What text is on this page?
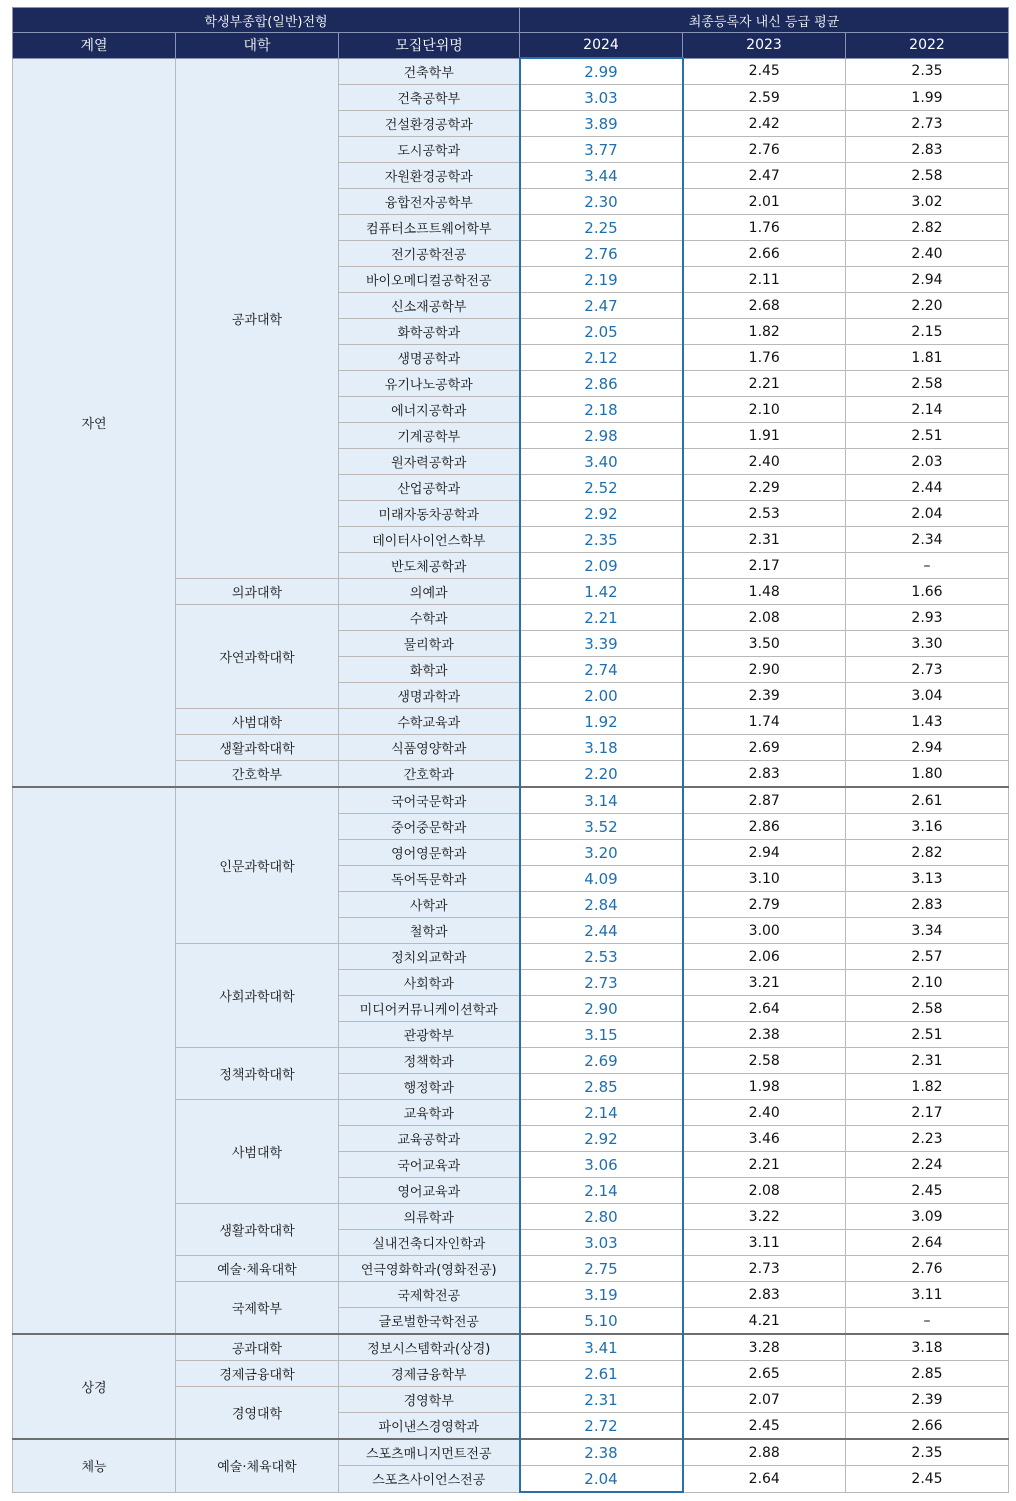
학생부종합(일반)전형			최종등록자 내신 등급 평균		
계열	대학	모집단위명	2024	2023	2022
자연	공과대학	건축학부	2.99	2.45	2.35
		건축공학부	3.03	2.59	1.99
		건설환경공학과	3.89	2.42	2.73
		도시공학과	3.77	2.76	2.83
		자원환경공학과	3.44	2.47	2.58
		융합전자공학부	2.30	2.01	3.02
		컴퓨터소프트웨어학부	2.25	1.76	2.82
		전기공학전공	2.76	2.66	2.40
		바이오메디컬공학전공	2.19	2.11	2.94
		신소재공학부	2.47	2.68	2.20
		화학공학과	2.05	1.82	2.15
		생명공학과	2.12	1.76	1.81
		유기나노공학과	2.86	2.21	2.58
		에너지공학과	2.18	2.10	2.14
		기계공학부	2.98	1.91	2.51
		원자력공학과	3.40	2.40	2.03
		산업공학과	2.52	2.29	2.44
		미래자동차공학과	2.92	2.53	2.04
		데이터사이언스학부	2.35	2.31	2.34
		반도체공학과	2.09	2.17	–
	의과대학	의예과	1.42	1.48	1.66
	자연과학대학	수학과	2.21	2.08	2.93
		물리학과	3.39	3.50	3.30
		화학과	2.74	2.90	2.73
		생명과학과	2.00	2.39	3.04
	사범대학	수학교육과	1.92	1.74	1.43
	생활과학대학	식품영양학과	3.18	2.69	2.94
	간호학부	간호학과	2.20	2.83	1.80
	인문과학대학	국어국문학과	3.14	2.87	2.61
		중어중문학과	3.52	2.86	3.16
		영어영문학과	3.20	2.94	2.82
		독어독문학과	4.09	3.10	3.13
		사학과	2.84	2.79	2.83
		철학과	2.44	3.00	3.34
	사회과학대학	정치외교학과	2.53	2.06	2.57
		사회학과	2.73	3.21	2.10
		미디어커뮤니케이션학과	2.90	2.64	2.58
		관광학부	3.15	2.38	2.51
	정책과학대학	정책학과	2.69	2.58	2.31
		행정학과	2.85	1.98	1.82
	사범대학	교육학과	2.14	2.40	2.17
		교육공학과	2.92	3.46	2.23
		국어교육과	3.06	2.21	2.24
		영어교육과	2.14	2.08	2.45
	생활과학대학	의류학과	2.80	3.22	3.09
		실내건축디자인학과	3.03	3.11	2.64
	예술·체육대학	연극영화학과(영화전공)	2.75	2.73	2.76
	국제학부	국제학전공	3.19	2.83	3.11
		글로벌한국학전공	5.10	4.21	–
상경	공과대학	정보시스템학과(상경)	3.41	3.28	3.18
	경제금융대학	경제금융학부	2.61	2.65	2.85
	경영대학	경영학부	2.31	2.07	2.39
		파이낸스경영학과	2.72	2.45	2.66
체능	예술·체육대학	스포츠매니지먼트전공	2.38	2.88	2.35
		스포츠사이언스전공	2.04	2.64	2.45
